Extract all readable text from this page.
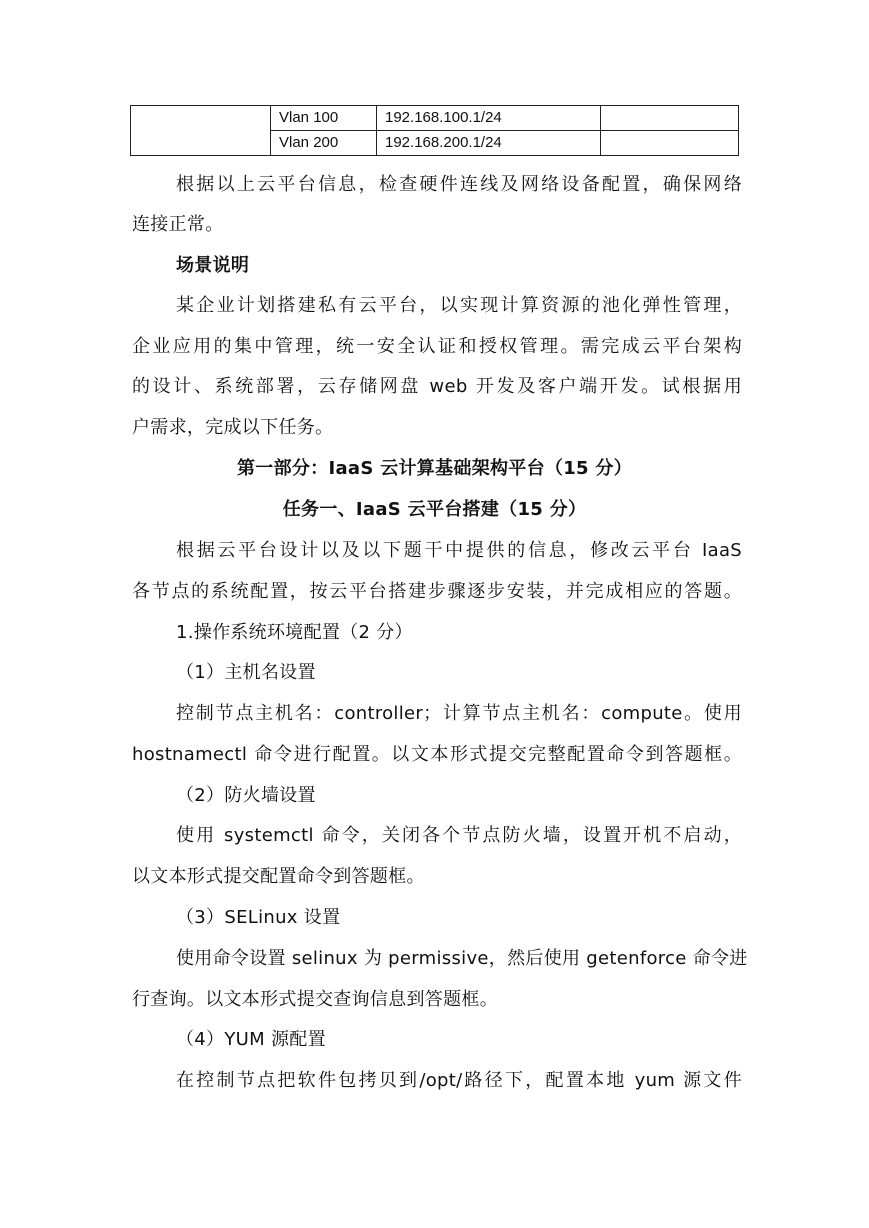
	Vlan 100	192.168.100.1/24	
	Vlan 200	192.168.200.1/24	
根据以上云平台信息，检查硬件连线及网络设备配置，确保网络
连接正常。
场景说明
某企业计划搭建私有云平台，以实现计算资源的池化弹性管理，
企业应用的集中管理，统一安全认证和授权管理。需完成云平台架构
的设计、系统部署，云存储网盘 web 开发及客户端开发。试根据用
户需求，完成以下任务。
第一部分：IaaS 云计算基础架构平台（15 分）
任务一、IaaS 云平台搭建（15 分）
根据云平台设计以及以下题干中提供的信息，修改云平台 IaaS
各节点的系统配置，按云平台搭建步骤逐步安装，并完成相应的答题。
1.操作系统环境配置（2 分）
（1）主机名设置
控制节点主机名：controller；计算节点主机名：compute。使用
hostnamectl 命令进行配置。以文本形式提交完整配置命令到答题框。
（2）防火墙设置
使用 systemctl 命令，关闭各个节点防火墙，设置开机不启动，
以文本形式提交配置命令到答题框。
（3）SELinux 设置
使用命令设置 selinux 为 permissive，然后使用 getenforce 命令进
行查询。以文本形式提交查询信息到答题框。
（4）YUM 源配置
在控制节点把软件包拷贝到/opt/路径下，配置本地 yum 源文件
